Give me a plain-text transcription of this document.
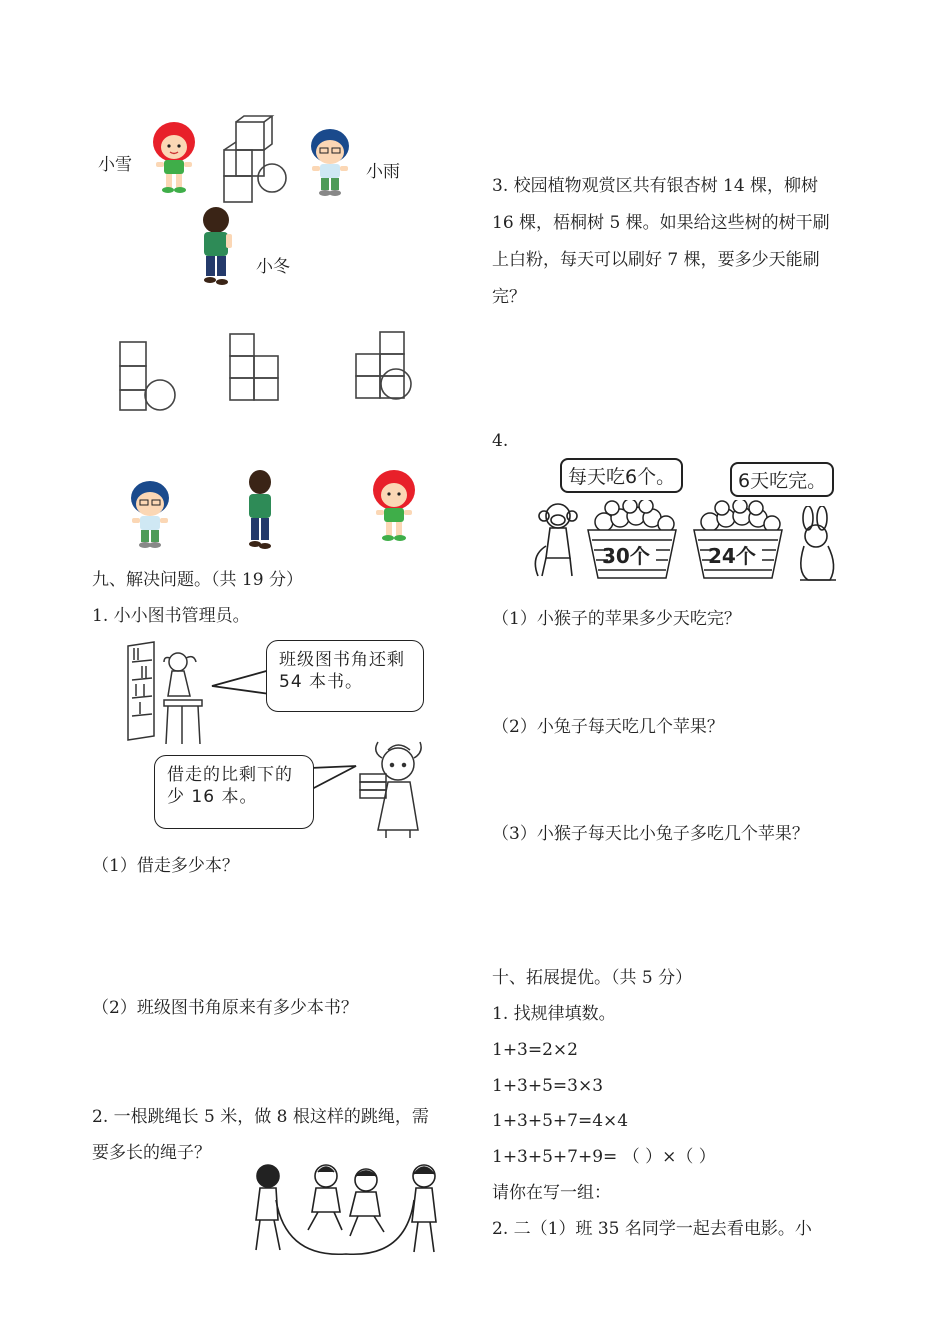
小雪	小雨
小冬
九、解决问题。（共 19 分）
1. 小小图书管理员。
班级图书角还剩 54 本书。
借走的比剩下的少 16 本。
（1）借走多少本？
（2）班级图书角原来有多少本书？
2. 一根跳绳长 5 米，做 8 根这样的跳绳，需
要多长的绳子？
3. 校园植物观赏区共有银杏树 14 棵，柳树
16 棵，梧桐树 5 棵。如果给这些树的树干刷
上白粉，每天可以刷好 7 棵，要多少天能刷
完？
4.
每天吃6个。	6天吃完。
30个	24个
（1）小猴子的苹果多少天吃完？
（2）小兔子每天吃几个苹果？
（3）小猴子每天比小兔子多吃几个苹果？
十、拓展提优。（共 5 分）
1. 找规律填数。
1+3=2×2
1+3+5=3×3
1+3+5+7=4×4
1+3+5+7+9= （ ）×（ ）
请你在写一组：
2. 二（1）班 35 名同学一起去看电影。小
